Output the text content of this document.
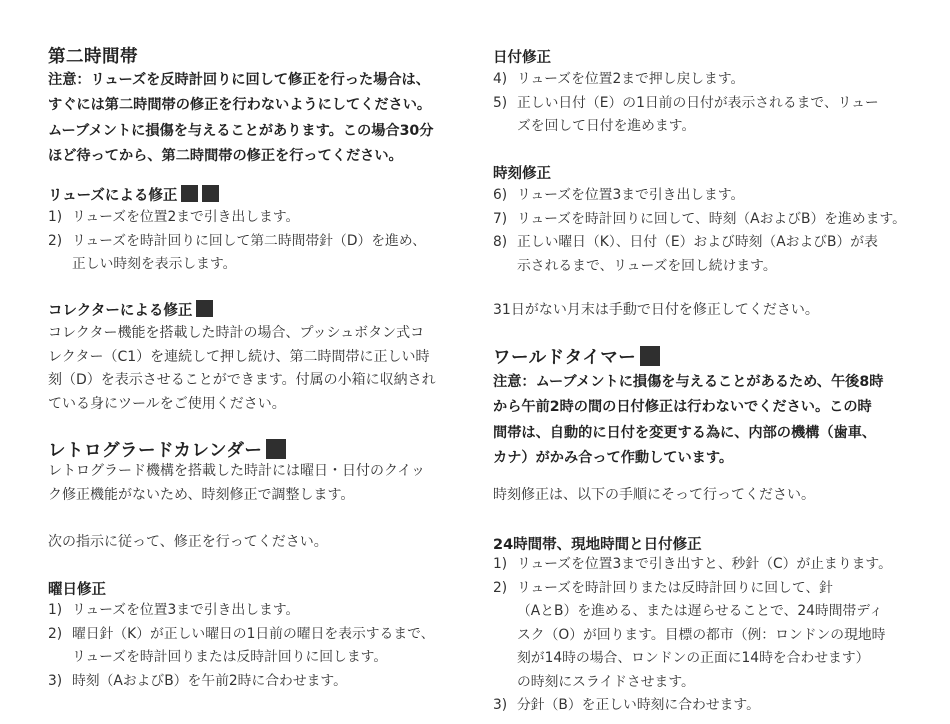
第二時間帯
注意：リューズを反時計回りに回して修正を行った場合は、
すぐには第二時間帯の修正を行わないようにしてください。
ムーブメントに損傷を与えることがあります。この場合30分
ほど待ってから、第二時間帯の修正を行ってください。
リューズによる修正
1) リューズを位置2まで引き出します。
2) リューズを時計回りに回して第二時間帯針（D）を進め、
正しい時刻を表示します。
コレクターによる修正
コレクター機能を搭載した時計の場合、プッシュボタン式コ
レクター（C1）を連続して押し続け、第二時間帯に正しい時
刻（D）を表示させることができます。付属の小箱に収納され
ている身にツールをご使用ください。
レトログラードカレンダー
レトログラード機構を搭載した時計には曜日・日付のクイッ
ク修正機能がないため、時刻修正で調整します。
次の指示に従って、修正を行ってください。
曜日修正
1) リューズを位置3まで引き出します。
2) 曜日針（K）が正しい曜日の1日前の曜日を表示するまで、
リューズを時計回りまたは反時計回りに回します。
3) 時刻（AおよびB）を午前2時に合わせます。
日付修正
4) リューズを位置2まで押し戻します。
5) 正しい日付（E）の1日前の日付が表示されるまで、リュー
ズを回して日付を進めます。
時刻修正
6) リューズを位置3まで引き出します。
7) リューズを時計回りに回して、時刻（AおよびB）を進めます。
8) 正しい曜日（K）、日付（E）および時刻（AおよびB）が表
示されるまで、リューズを回し続けます。
31日がない月末は手動で日付を修正してください。
ワールドタイマー
注意：ムーブメントに損傷を与えることがあるため、午後8時
から午前2時の間の日付修正は行わないでください。この時
間帯は、自動的に日付を変更する為に、内部の機構（歯車、
カナ）がかみ合って作動しています。
時刻修正は、以下の手順にそって行ってください。
24時間帯、現地時間と日付修正
1) リューズを位置3まで引き出すと、秒針（C）が止まります。
2) リューズを時計回りまたは反時計回りに回して、針
（AとB）を進める、または遅らせることで、24時間帯ディ
スク（O）が回ります。目標の都市（例：ロンドンの現地時
刻が14時の場合、ロンドンの正面に14時を合わせます）
の時刻にスライドさせます。
3) 分針（B）を正しい時刻に合わせます。
